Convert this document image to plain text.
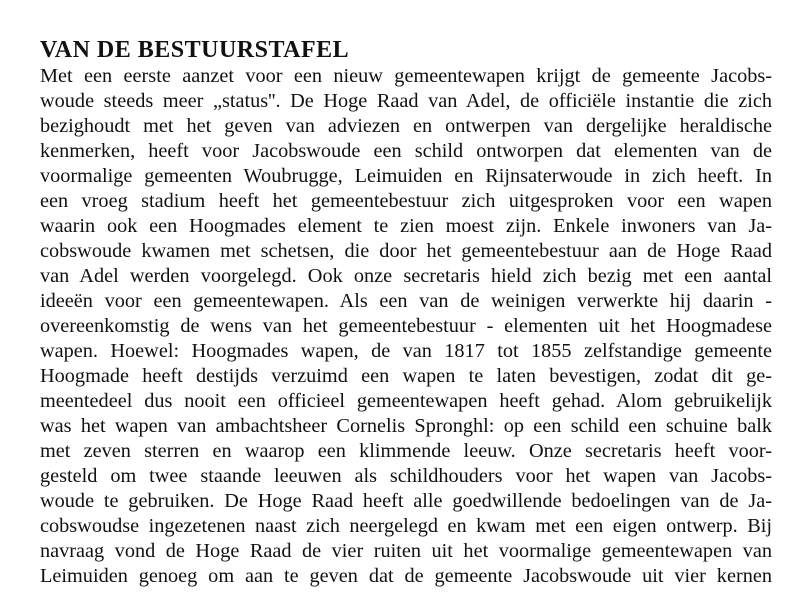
VAN DE BESTUURSTAFEL
Met een eerste aanzet voor een nieuw gemeentewapen krijgt de gemeente Jacobs-
woude steeds meer „status''. De Hoge Raad van Adel, de officiële instantie die zich
bezighoudt met het geven van adviezen en ontwerpen van dergelijke heraldische
kenmerken, heeft voor Jacobswoude een schild ontworpen dat elementen van de
voormalige gemeenten Woubrugge, Leimuiden en Rijnsaterwoude in zich heeft. In
een vroeg stadium heeft het gemeentebestuur zich uitgesproken voor een wapen
waarin ook een Hoogmades element te zien moest zijn. Enkele inwoners van Ja-
cobswoude kwamen met schetsen, die door het gemeentebestuur aan de Hoge Raad
van Adel werden voorgelegd. Ook onze secretaris hield zich bezig met een aantal
ideeën voor een gemeentewapen. Als een van de weinigen verwerkte hij daarin -
overeenkomstig de wens van het gemeentebestuur - elementen uit het Hoogmadese
wapen. Hoewel: Hoogmades wapen, de van 1817 tot 1855 zelfstandige gemeente
Hoogmade heeft destijds verzuimd een wapen te laten bevestigen, zodat dit ge-
meentedeel dus nooit een officieel gemeentewapen heeft gehad. Alom gebruikelijk
was het wapen van ambachtsheer Cornelis Spronghl: op een schild een schuine balk
met zeven sterren en waarop een klimmende leeuw. Onze secretaris heeft voor-
gesteld om twee staande leeuwen als schildhouders voor het wapen van Jacobs-
woude te gebruiken. De Hoge Raad heeft alle goedwillende bedoelingen van de Ja-
cobswoudse ingezetenen naast zich neergelegd en kwam met een eigen ontwerp. Bij
navraag vond de Hoge Raad de vier ruiten uit het voormalige gemeentewapen van
Leimuiden genoeg om aan te geven dat de gemeente Jacobswoude uit vier kernen
